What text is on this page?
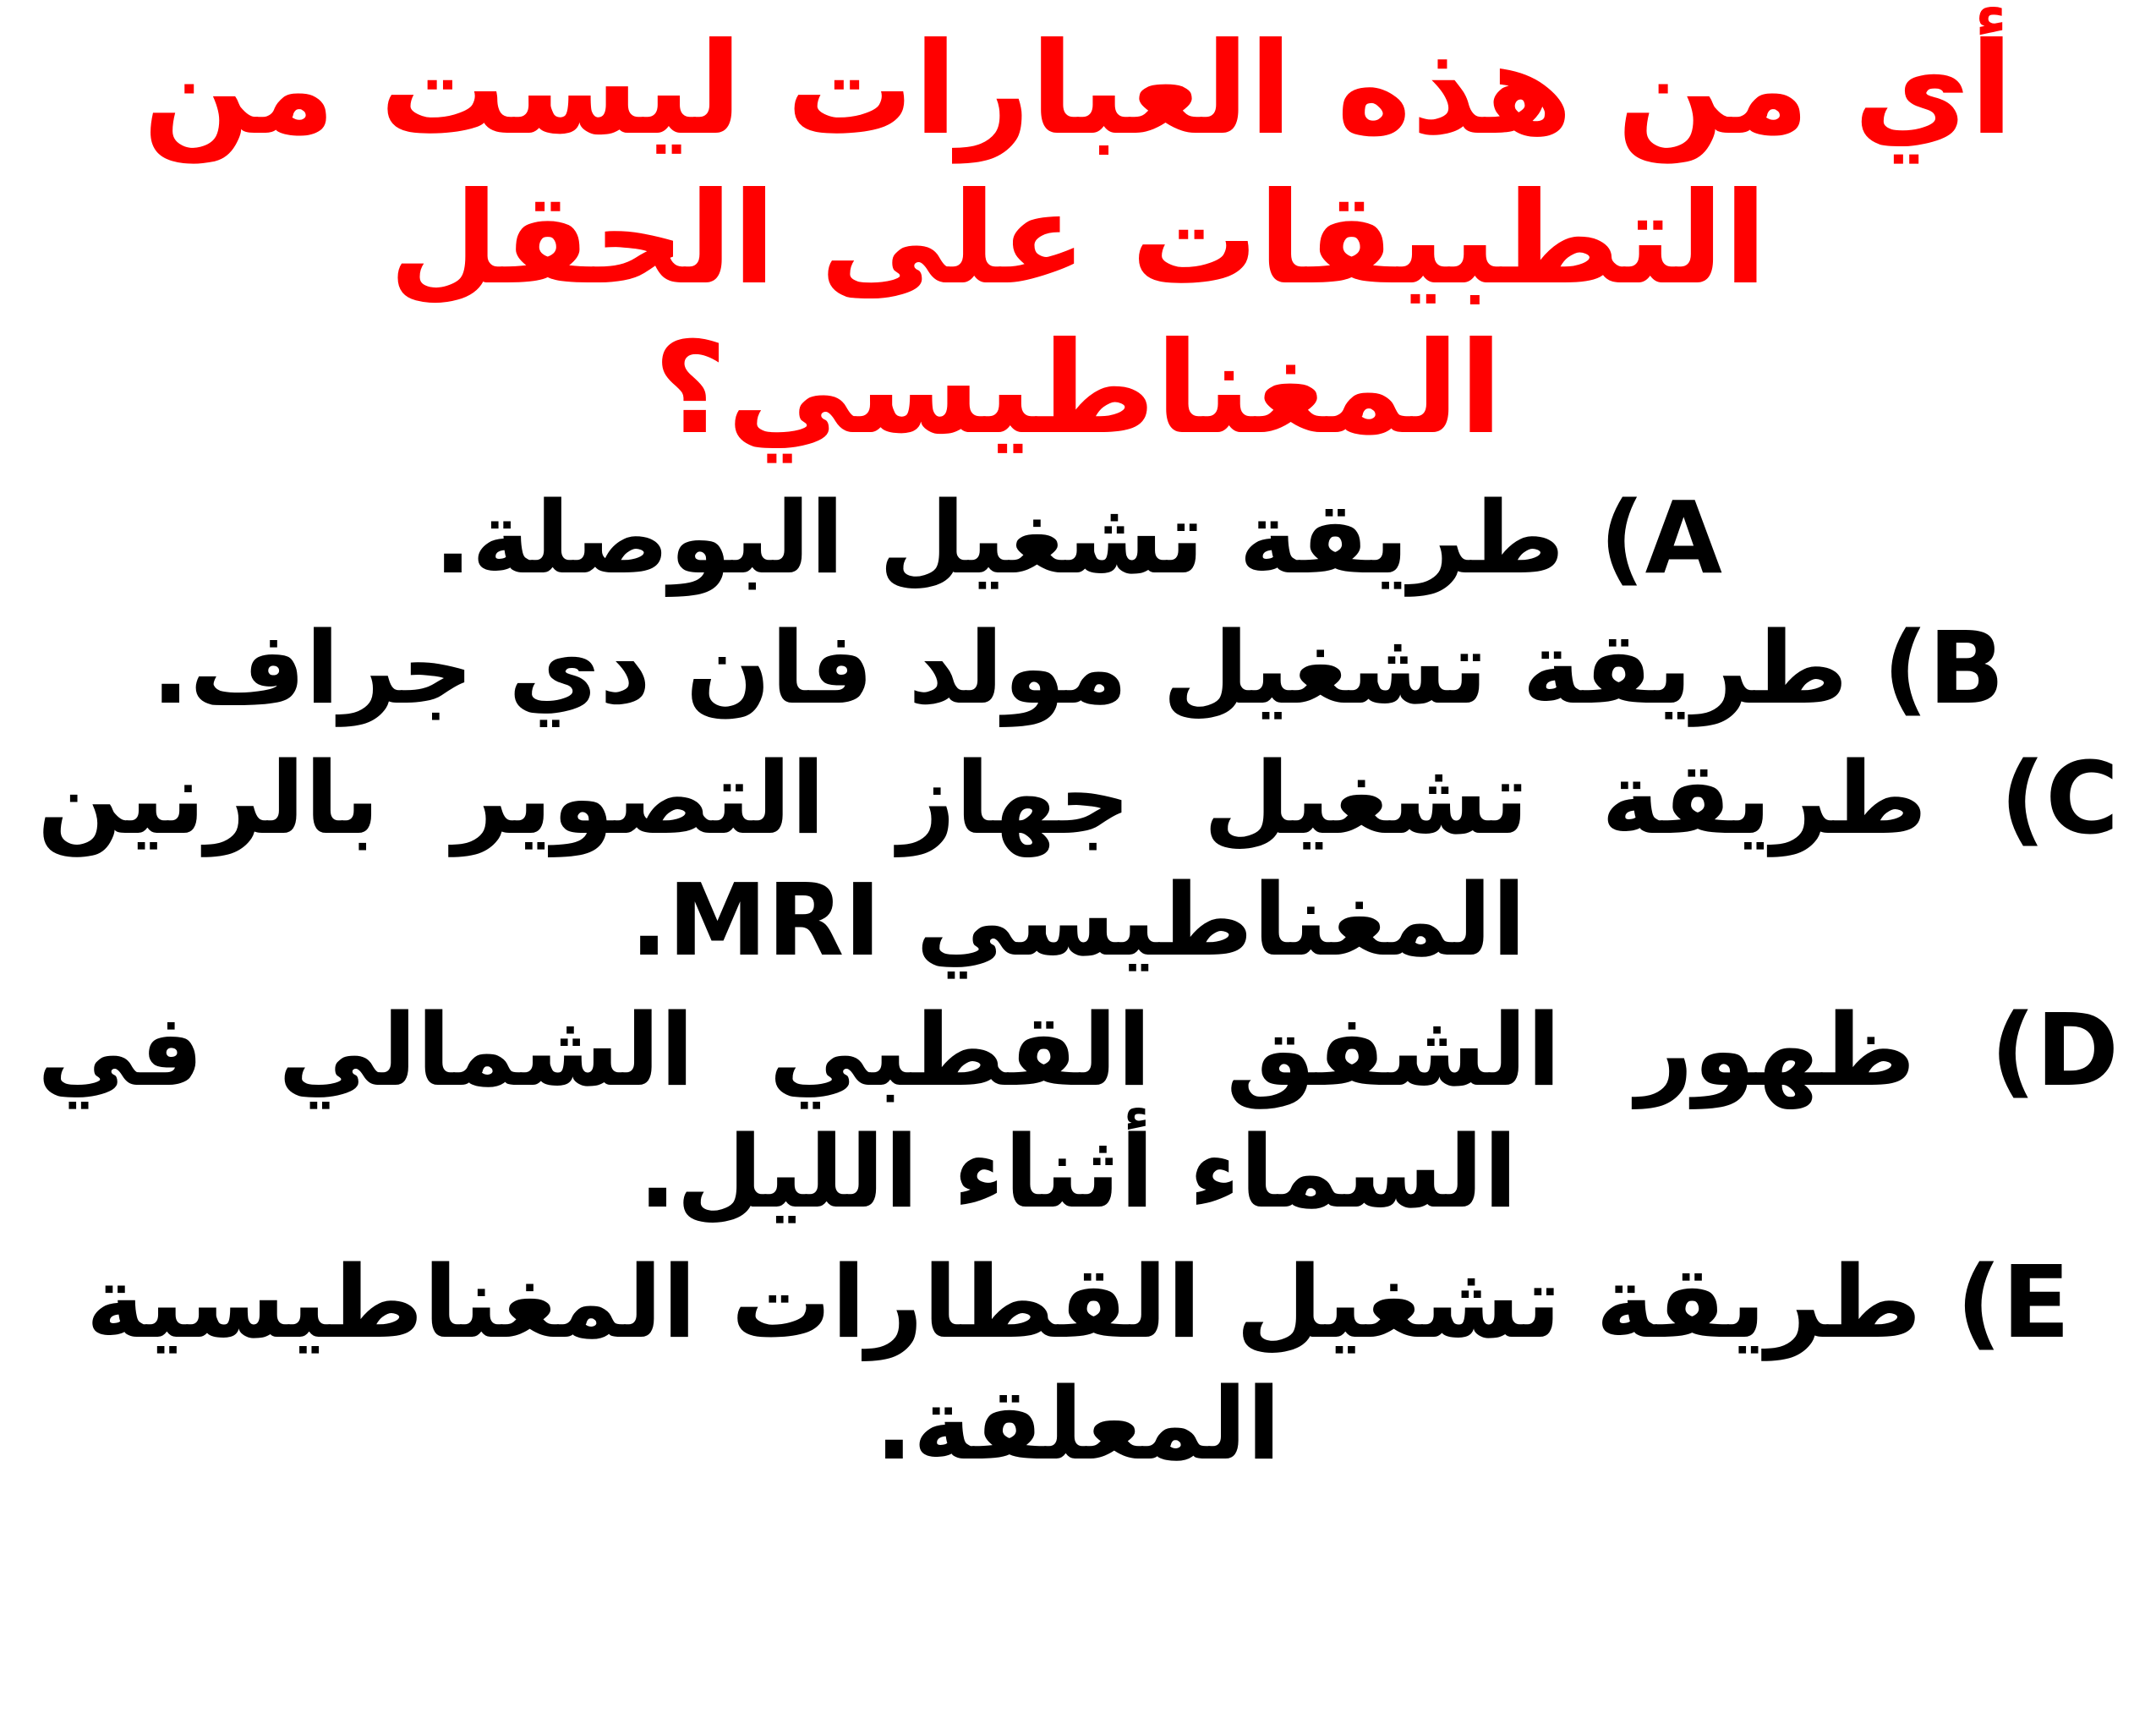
أي من هذه العبارات ليست من التطبيقات على الحقل المغناطيسي؟
A) طريقة تشغيل البوصلة.
B) طريقة تشغيل مولد فان دي جراف.
C) طريقة تشغيل جهاز التصوير بالرنين المغناطيسي MRI.
D) ظهور الشفق القطبي الشمالي في السماء أثناء الليل.
E) طريقة تشغيل القطارات المغناطيسية المعلقة.
